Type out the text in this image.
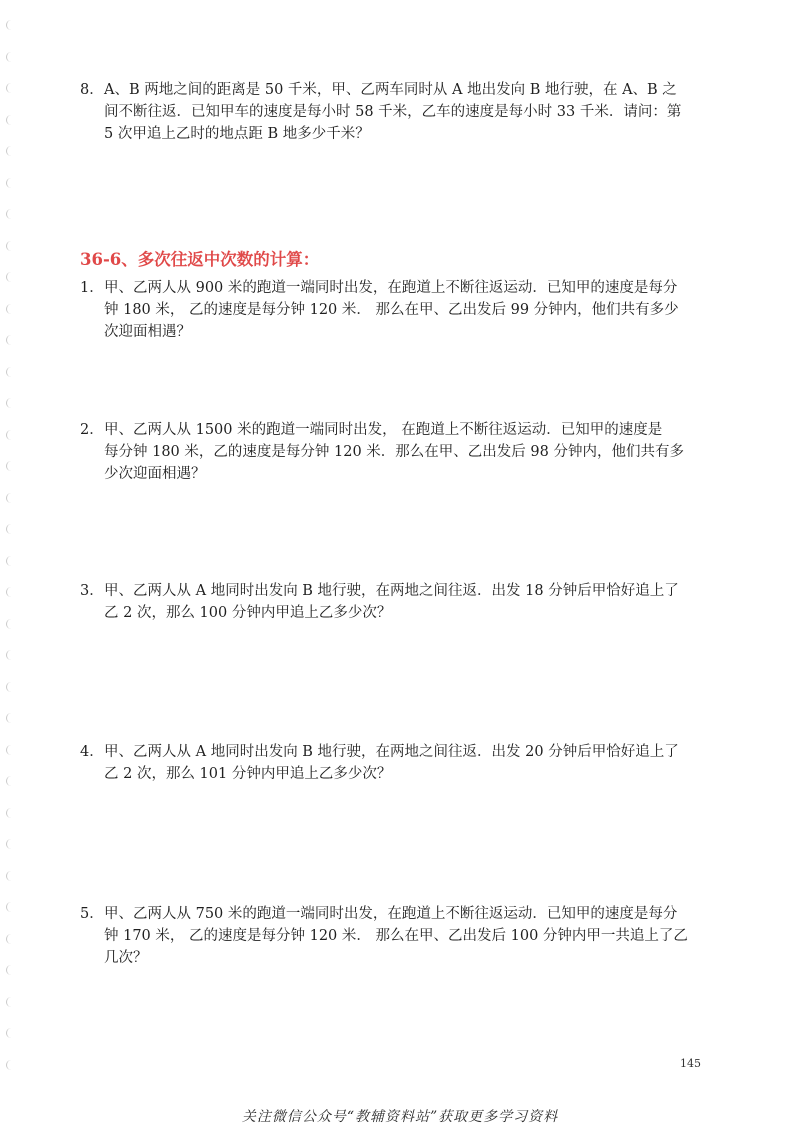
8． A、B 两地之间的距离是 50 千米，甲、乙两车同时从 A 地出发向 B 地行驶，在 A、B 之
间不断往返．已知甲车的速度是每小时 58 千米，乙车的速度是每小时 33 千米．请问：第
5 次甲追上乙时的地点距 B 地多少千米？
36-6、多次往返中次数的计算：
1． 甲、乙两人从 900 米的跑道一端同时出发，在跑道上不断往返运动．已知甲的速度是每分
钟 180 米， 乙的速度是每分钟 120 米． 那么在甲、乙出发后 99 分钟内，他们共有多少
次迎面相遇？
2． 甲、乙两人从 1500 米的跑道一端同时出发， 在跑道上不断往返运动．已知甲的速度是
每分钟 180 米，乙的速度是每分钟 120 米．那么在甲、乙出发后 98 分钟内，他们共有多
少次迎面相遇？
3． 甲、乙两人从 A 地同时出发向 B 地行驶，在两地之间往返．出发 18 分钟后甲恰好追上了
乙 2 次，那么 100 分钟内甲追上乙多少次？
4． 甲、乙两人从 A 地同时出发向 B 地行驶，在两地之间往返．出发 20 分钟后甲恰好追上了
乙 2 次，那么 101 分钟内甲追上乙多少次？
5． 甲、乙两人从 750 米的跑道一端同时出发，在跑道上不断往返运动．已知甲的速度是每分
钟 170 米， 乙的速度是每分钟 120 米． 那么在甲、乙出发后 100 分钟内甲一共追上了乙
几次？
145
关注微信公众号“教辅资料站”获取更多学习资料
